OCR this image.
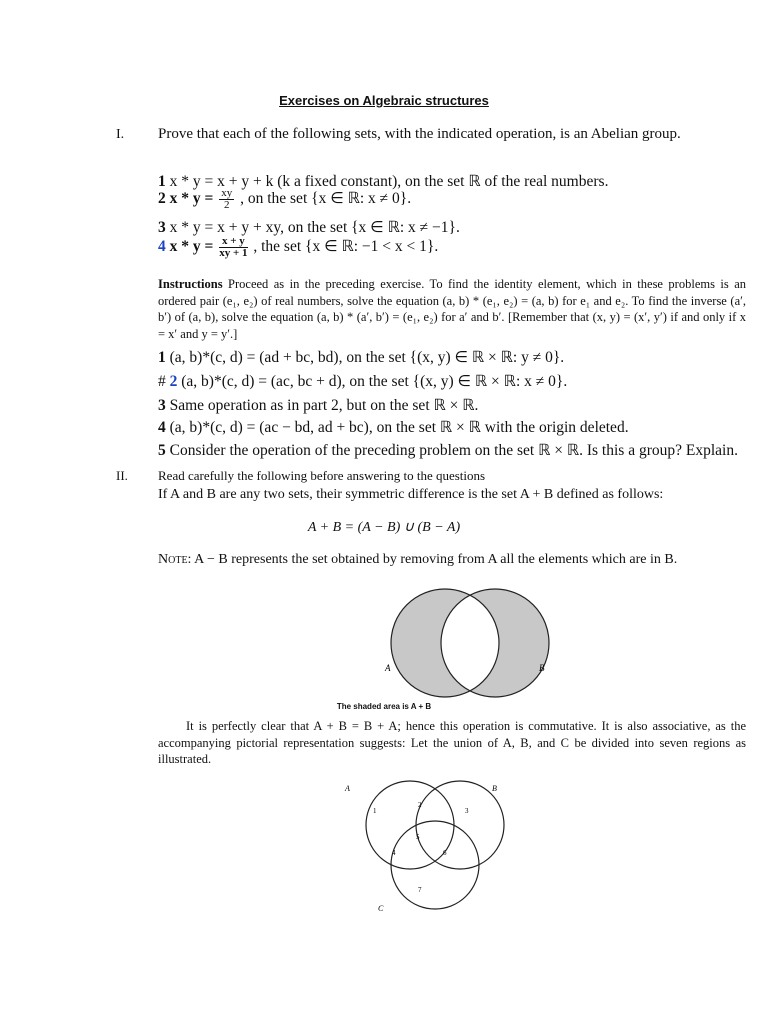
Exercises on Algebraic structures
I. Prove that each of the following sets, with the indicated operation, is an Abelian group.
1 x * y = x + y + k (k a fixed constant), on the set ℝ of the real numbers.
2 $x * y = \frac{xy}{2}$ , on the set {x ∈ ℝ: x ≠ 0}.
3 x * y = x + y + xy, on the set {x ∈ ℝ: x ≠ −1}.
4 $x * y = \frac{x + y}{xy + 1}$ , the set {x ∈ ℝ: −1 < x < 1}.
Instructions Proceed as in the preceding exercise. To find the identity element, which in these problems is an ordered pair (e₁, e₂) of real numbers, solve the equation (a, b) * (e₁, e₂) = (a, b) for e₁ and e₂. To find the inverse (a′, b′) of (a, b), solve the equation (a, b) * (a′, b′) = (e₁, e₂) for a′ and b′. [Remember that (x, y) = (x′, y′) if and only if x = x′ and y = y′.]
1 (a, b)*(c, d) = (ad + bc, bd), on the set {(x, y) ∈ ℝ × ℝ: y ≠ 0}.
# 2 (a, b)*(c, d) = (ac, bc + d), on the set {(x, y) ∈ ℝ × ℝ: x ≠ 0}.
3 Same operation as in part 2, but on the set ℝ × ℝ.
4 (a, b)*(c, d) = (ac − bd, ad + bc), on the set ℝ × ℝ with the origin deleted.
5 Consider the operation of the preceding problem on the set ℝ × ℝ. Is this a group? Explain.
II. Read carefully the following before answering to the questions
If A and B are any two sets, their symmetric difference is the set A + B defined as follows:
A + B = (A − B) ∪ (B − A)
Note: A − B represents the set obtained by removing from A all the elements which are in B.
A	B
The shaded area is A + B
It is perfectly clear that A + B = B + A; hence this operation is commutative. It is also associative, as the accompanying pictorial representation suggests: Let the union of A, B, and C be divided into seven regions as illustrated.
A	B
C
1
2
3
4
5
6
7
